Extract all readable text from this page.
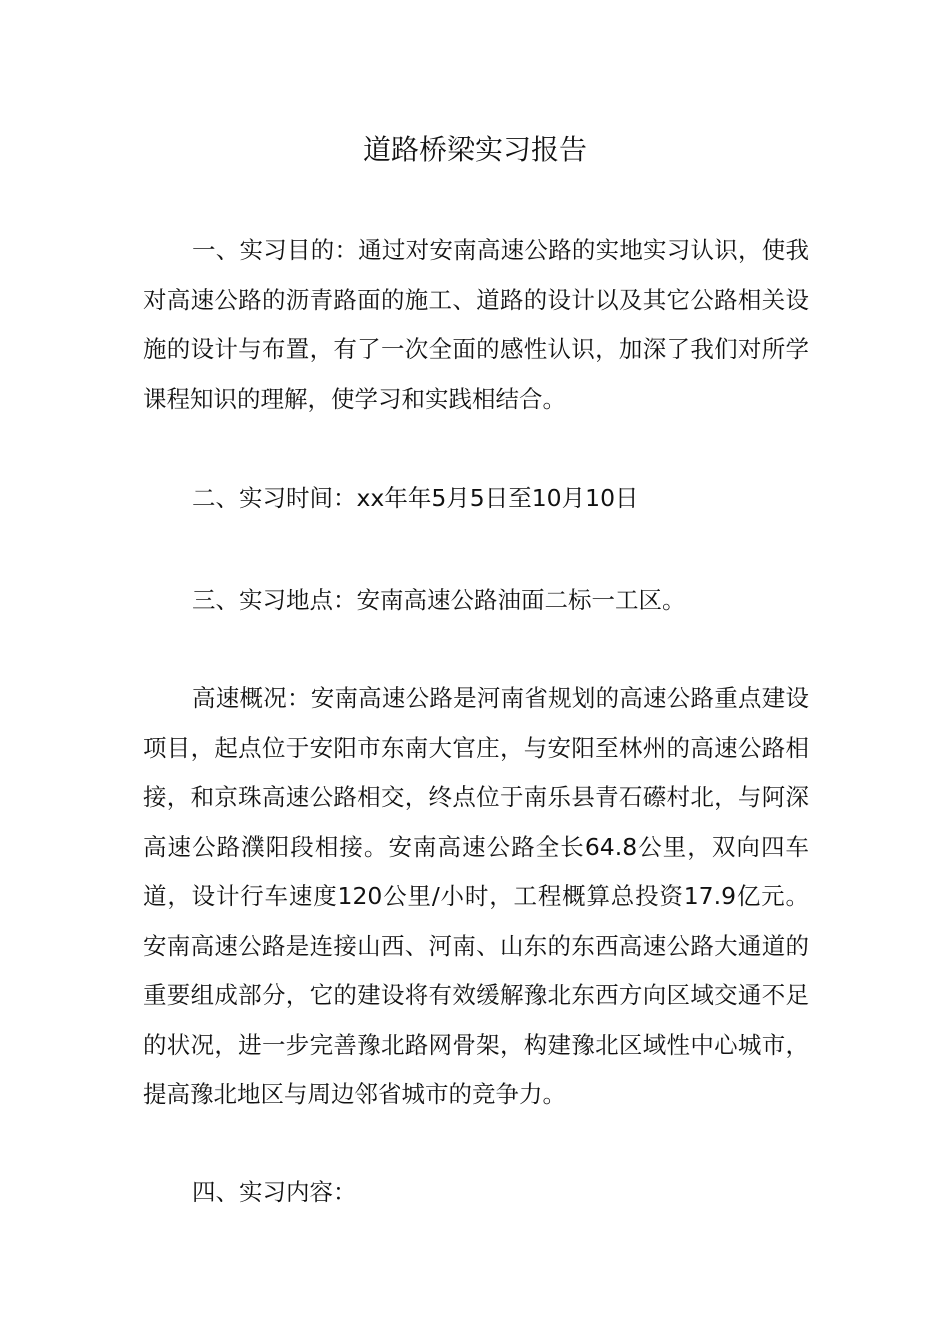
道路桥梁实习报告

一、实习目的：通过对安南高速公路的实地实习认识，使我对高速公路的沥青路面的施工、道路的设计以及其它公路相关设施的设计与布置，有了一次全面的感性认识，加深了我们对所学课程知识的理解，使学习和实践相结合。

二、实习时间：xx年年5月5日至10月10日

三、实习地点：安南高速公路油面二标一工区。

高速概况：安南高速公路是河南省规划的高速公路重点建设项目，起点位于安阳市东南大官庄，与安阳至林州的高速公路相接，和京珠高速公路相交，终点位于南乐县青石礤村北，与阿深高速公路濮阳段相接。安南高速公路全长64.8公里，双向四车道，设计行车速度120公里/小时，工程概算总投资17.9亿元。安南高速公路是连接山西、河南、山东的东西高速公路大通道的重要组成部分，它的建设将有效缓解豫北东西方向区域交通不足的状况，进一步完善豫北路网骨架，构建豫北区域性中心城市，提高豫北地区与周边邻省城市的竞争力。

四、实习内容：
